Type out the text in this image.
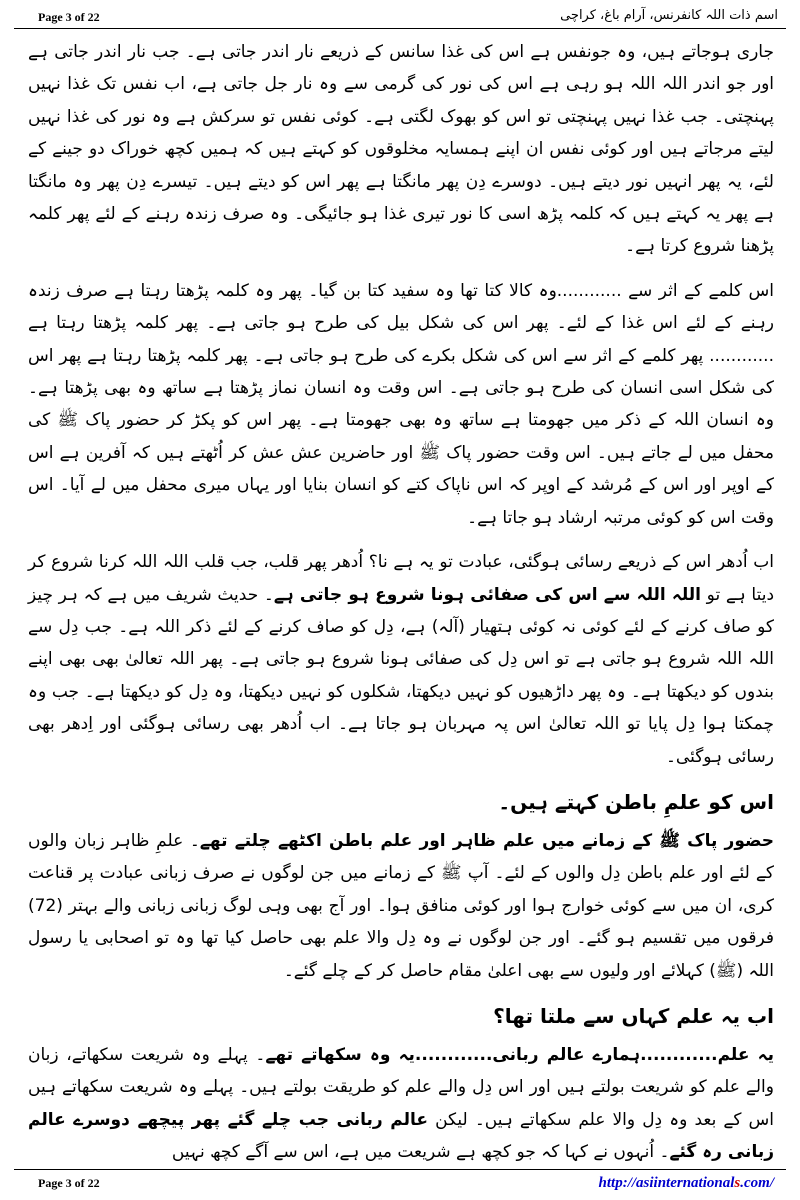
Page 3 of 22	اسم ذات اللہ کانفرنس، آرام باغ، کراچی

جاری ہوجاتے ہیں، وہ جونفس ہے اس کی غذا سانس کے ذریعے نار اندر جاتی ہے۔ جب نار اندر جاتی ہے اور جو اندر اللہ اللہ ہو رہی ہے اس کی نور کی گرمی سے وہ نار جل جاتی ہے، اب نفس تک غذا نہیں پہنچتی۔ جب غذا نہیں پہنچتی تو اس کو بھوک لگتی ہے۔ کوئی نفس تو سرکش ہے وہ نور کی غذا نہیں لیتے مرجاتے ہیں اور کوئی نفس ان اپنے ہمسایہ مخلوقوں کو کہتے ہیں کہ ہمیں کچھ خوراک دو جینے کے لئے، یہ پھر انہیں نور دیتے ہیں۔ دوسرے دِن پھر مانگتا ہے پھر اس کو دیتے ہیں۔ تیسرے دِن پھر وہ مانگتا ہے پھر یہ کہتے ہیں کہ کلمہ پڑھ اسی کا نور تیری غذا ہو جائیگی۔ وہ صرف زندہ رہنے کے لئے پھر کلمہ پڑھنا شروع کرتا ہے۔

اس کلمے کے اثر سے ............وہ کالا کتا تھا وہ سفید کتا بن گیا۔ پھر وہ کلمہ پڑھتا رہتا ہے صرف زندہ رہنے کے لئے اس غذا کے لئے۔ پھر اس کی شکل بیل کی طرح ہو جاتی ہے۔ پھر کلمہ پڑھتا رہتا ہے ............ پھر کلمے کے اثر سے اس کی شکل بکرے کی طرح ہو جاتی ہے۔ پھر کلمہ پڑھتا رہتا ہے پھر اس کی شکل اسی انسان کی طرح ہو جاتی ہے۔ اس وقت وہ انسان نماز پڑھتا ہے ساتھ وہ بھی پڑھتا ہے۔ وہ انسان اللہ کے ذکر میں جھومتا ہے ساتھ وہ بھی جھومتا ہے۔ پھر اس کو پکڑ کر حضور پاک ﷺ کی محفل میں لے جاتے ہیں۔ اس وقت حضور پاک ﷺ اور حاضرین عش عش کر اُٹھتے ہیں کہ آفرین ہے اس کے اوپر اور اس کے مُرشد کے اوپر کہ اس ناپاک کتے کو انسان بنایا اور یہاں میری محفل میں لے آیا۔ اس وقت اس کو کوئی مرتبہ ارشاد ہو جاتا ہے۔

اب اُدھر اس کے ذریعے رسائی ہوگئی، عبادت تو یہ ہے نا؟ اُدھر پھر قلب، جب قلب اللہ اللہ کرنا شروع کر دیتا ہے تو اللہ اللہ سے اس کی صفائی ہونا شروع ہو جاتی ہے۔ حدیث شریف میں ہے کہ ہر چیز کو صاف کرنے کے لئے کوئی نہ کوئی ہتھیار (آلہ) ہے، دِل کو صاف کرنے کے لئے ذکر اللہ ہے۔ جب دِل سے اللہ اللہ شروع ہو جاتی ہے تو اس دِل کی صفائی ہونا شروع ہو جاتی ہے۔ پھر اللہ تعالیٰ بھی بھی اپنے بندوں کو دیکھتا ہے۔ وہ پھر داڑھیوں کو نہیں دیکھتا، شکلوں کو نہیں دیکھتا، وہ دِل کو دیکھتا ہے۔ جب وہ چمکتا ہوا دِل پایا تو اللہ تعالیٰ اس پہ مہربان ہو جاتا ہے۔ اب اُدھر بھی رسائی ہوگئی اور اِدھر بھی رسائی ہوگئی۔

اس کو علمِ باطن کہتے ہیں۔

حضور پاک ﷺ کے زمانے میں علم ظاہر اور علم باطن اکٹھے چلتے تھے۔ علمِ ظاہر زبان والوں کے لئے اور علم باطن دِل والوں کے لئے۔ آپ ﷺ کے زمانے میں جن لوگوں نے صرف زبانی عبادت پر قناعت کری، ان میں سے کوئی خوارج ہوا اور کوئی منافق ہوا۔ اور آج بھی وہی لوگ زبانی زبانی والے بہتر (72) فرقوں میں تقسیم ہو گئے۔ اور جن لوگوں نے وہ دِل والا علم بھی حاصل کیا تھا وہ تو اصحابی یا رسول اللہ (ﷺ) کہلائے اور ولیوں سے بھی اعلیٰ مقام حاصل کر کے چلے گئے۔

اب یہ علم کہاں سے ملتا تھا؟

یہ علم............ہمارے عالم ربانی............یہ وہ سکھاتے تھے۔ پہلے وہ شریعت سکھاتے، زبان والے علم کو شریعت بولتے ہیں اور اس دِل والے علم کو طریقت بولتے ہیں۔ پہلے وہ شریعت سکھاتے ہیں اس کے بعد وہ دِل والا علم سکھاتے ہیں۔ لیکن عالم ربانی جب چلے گئے پھر پیچھے دوسرے عالم زبانی رہ گئے۔ اُنہوں نے کہا کہ جو کچھ ہے شریعت میں ہے، اس سے آگے کچھ نہیں

Page 3 of 22	http://asiinternationals.com/
